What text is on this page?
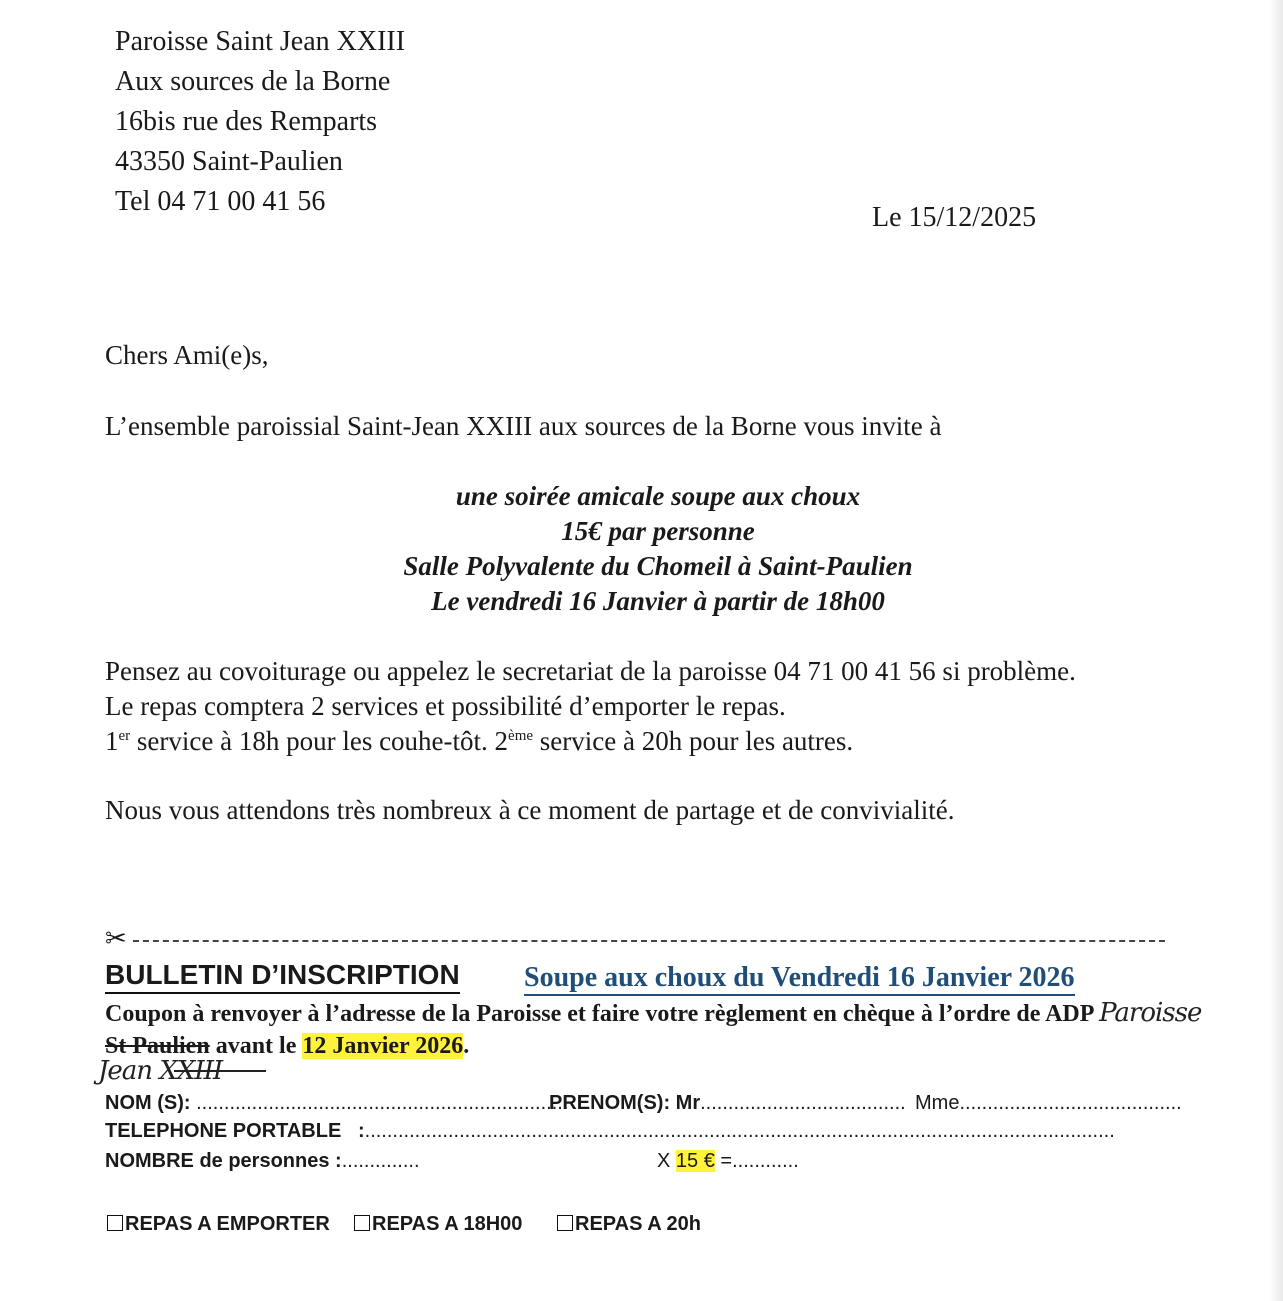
Paroisse Saint Jean XXIII
Aux sources de la Borne
16bis rue des Remparts
43350 Saint-Paulien
Tel 04 71 00 41 56
Le 15/12/2025
Chers Ami(e)s,
L’ensemble paroissial Saint-Jean XXIII aux sources de la Borne vous invite à
une soirée amicale soupe aux choux
15€ par personne
Salle Polyvalente du Chomeil à Saint-Paulien
Le vendredi 16 Janvier à partir de 18h00
Pensez au covoiturage ou appelez le secretariat de la paroisse 04 71 00 41 56 si problème.
Le repas comptera 2 services et possibilité d’emporter le repas.
1er service à 18h pour les couhe-tôt. 2ème service à 20h pour les autres.
Nous vous attendons très nombreux à ce moment de partage et de convivialité.
✂
BULLETIN D’INSCRIPTION Soupe aux choux du Vendredi 16 Janvier 2026
Coupon à renvoyer à l’adresse de la Paroisse et faire votre règlement en chèque à l’ordre de ADP Paroisse
St Paulien avant le 12 Janvier 2026.
Jean XXIII
NOM (S): ...................................................................
PRENOM(S): Mr..................................... Mme........................................
TELEPHONE PORTABLE   :.......................................................................................................................................
NOMBRE de personnes :..............	X 15 € =............
REPAS A EMPORTER	REPAS A 18H00	REPAS A 20h
